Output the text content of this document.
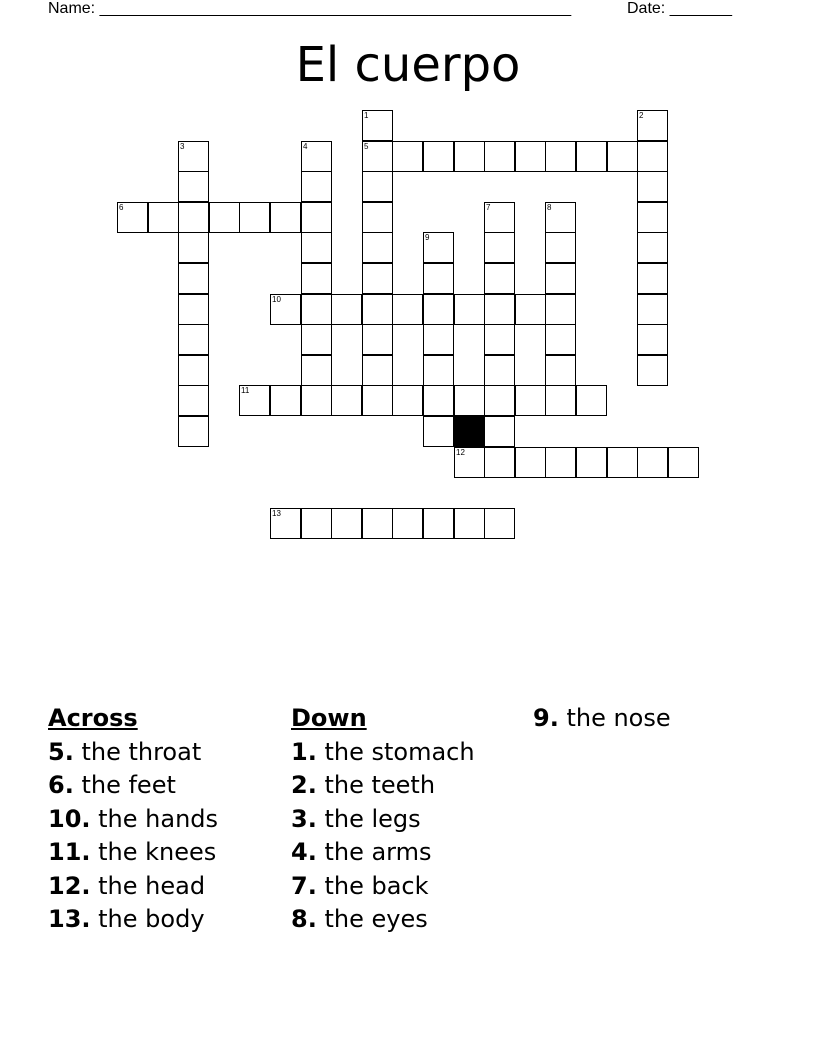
Name: _____________________________________________________	Date: _______
El cuerpo
1	2
3	4	5
6	7	8
9
10
11
12
13
Across
5. the throat
6. the feet
10. the hands
11. the knees
12. the head
13. the body
Down
1. the stomach
2. the teeth
3. the legs
4. the arms
7. the back
8. the eyes
9. the nose
